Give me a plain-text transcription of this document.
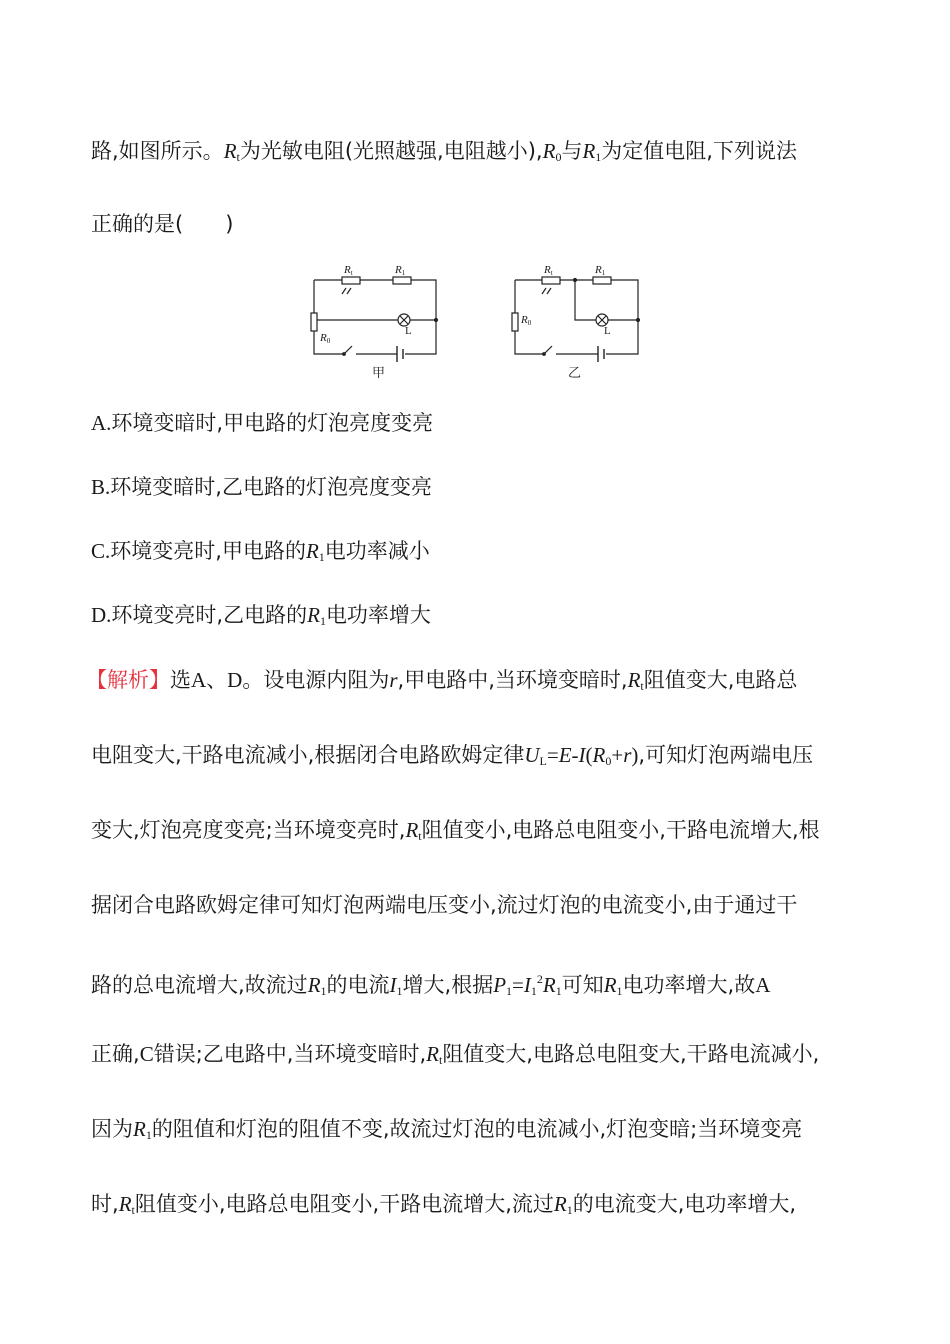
路,如图所示。$R_t$为光敏电阻(光照越强,电阻越小)$,R_0$与$R_1$为定值电阻,下列说法
正确的是(　　)
Rt	R1
R0
L
甲
Rt	R1
R0
L
乙
A.环境变暗时,甲电路的灯泡亮度变亮
B.环境变暗时,乙电路的灯泡亮度变亮
C.环境变亮时,甲电路的$R_1$电功率减小
D.环境变亮时,乙电路的$R_1$电功率增大
【解析】选A、D。设电源内阻为r,甲电路中,当环境变暗时$,R_t$阻值变大,电路总
电阻变大,干路电流减小,根据闭合电路欧姆定律$U_L=E-I(R_0+r)$,可知灯泡两端电压
变大,灯泡亮度变亮;当环境变亮时$,R_t$阻值变小,电路总电阻变小,干路电流增大,根
据闭合电路欧姆定律可知灯泡两端电压变小,流过灯泡的电流变小,由于通过干
路的总电流增大,故流过$R_1$的电流$I_1$增大,根据$P_1=I_1^2R_1$可知$R_1$电功率增大,故A
正确,C错误;乙电路中,当环境变暗时$,R_t$阻值变大,电路总电阻变大,干路电流减小,
因为$R_1$的阻值和灯泡的阻值不变,故流过灯泡的电流减小,灯泡变暗;当环境变亮
时$,R_t$阻值变小,电路总电阻变小,干路电流增大,流过$R_1$的电流变大,电功率增大,
